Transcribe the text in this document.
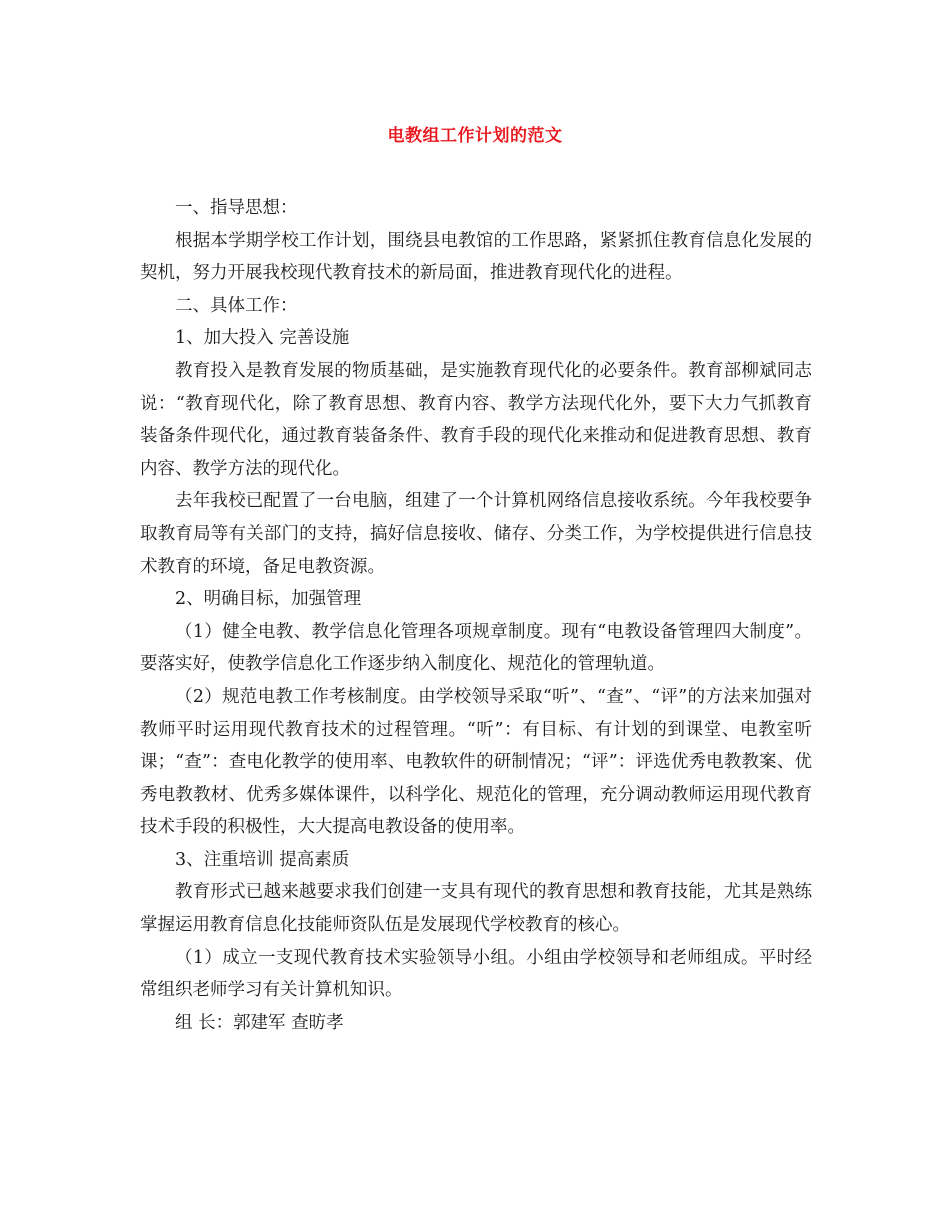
电教组工作计划的范文

一、指导思想：

根据本学期学校工作计划，围绕县电教馆的工作思路，紧紧抓住教育信息化发展的契机，努力开展我校现代教育技术的新局面，推进教育现代化的进程。

二、具体工作：

1、加大投入 完善设施

教育投入是教育发展的物质基础，是实施教育现代化的必要条件。教育部柳斌同志说：“教育现代化，除了教育思想、教育内容、教学方法现代化外，要下大力气抓教育装备条件现代化，通过教育装备条件、教育手段的现代化来推动和促进教育思想、教育内容、教学方法的现代化。

去年我校已配置了一台电脑，组建了一个计算机网络信息接收系统。今年我校要争取教育局等有关部门的支持，搞好信息接收、储存、分类工作，为学校提供进行信息技术教育的环境，备足电教资源。

2、明确目标，加强管理

（1）健全电教、教学信息化管理各项规章制度。现有“电教设备管理四大制度”。要落实好，使教学信息化工作逐步纳入制度化、规范化的管理轨道。

（2）规范电教工作考核制度。由学校领导采取“听”、“查”、“评”的方法来加强对教师平时运用现代教育技术的过程管理。“听”：有目标、有计划的到课堂、电教室听课；“查”：查电化教学的使用率、电教软件的研制情况；“评”：评选优秀电教教案、优秀电教教材、优秀多媒体课件，以科学化、规范化的管理，充分调动教师运用现代教育技术手段的积极性，大大提高电教设备的使用率。

3、注重培训 提高素质

教育形式已越来越要求我们创建一支具有现代的教育思想和教育技能，尤其是熟练掌握运用教育信息化技能师资队伍是发展现代学校教育的核心。

（1）成立一支现代教育技术实验领导小组。小组由学校领导和老师组成。平时经常组织老师学习有关计算机知识。

组 长：郭建军 查昉孝
